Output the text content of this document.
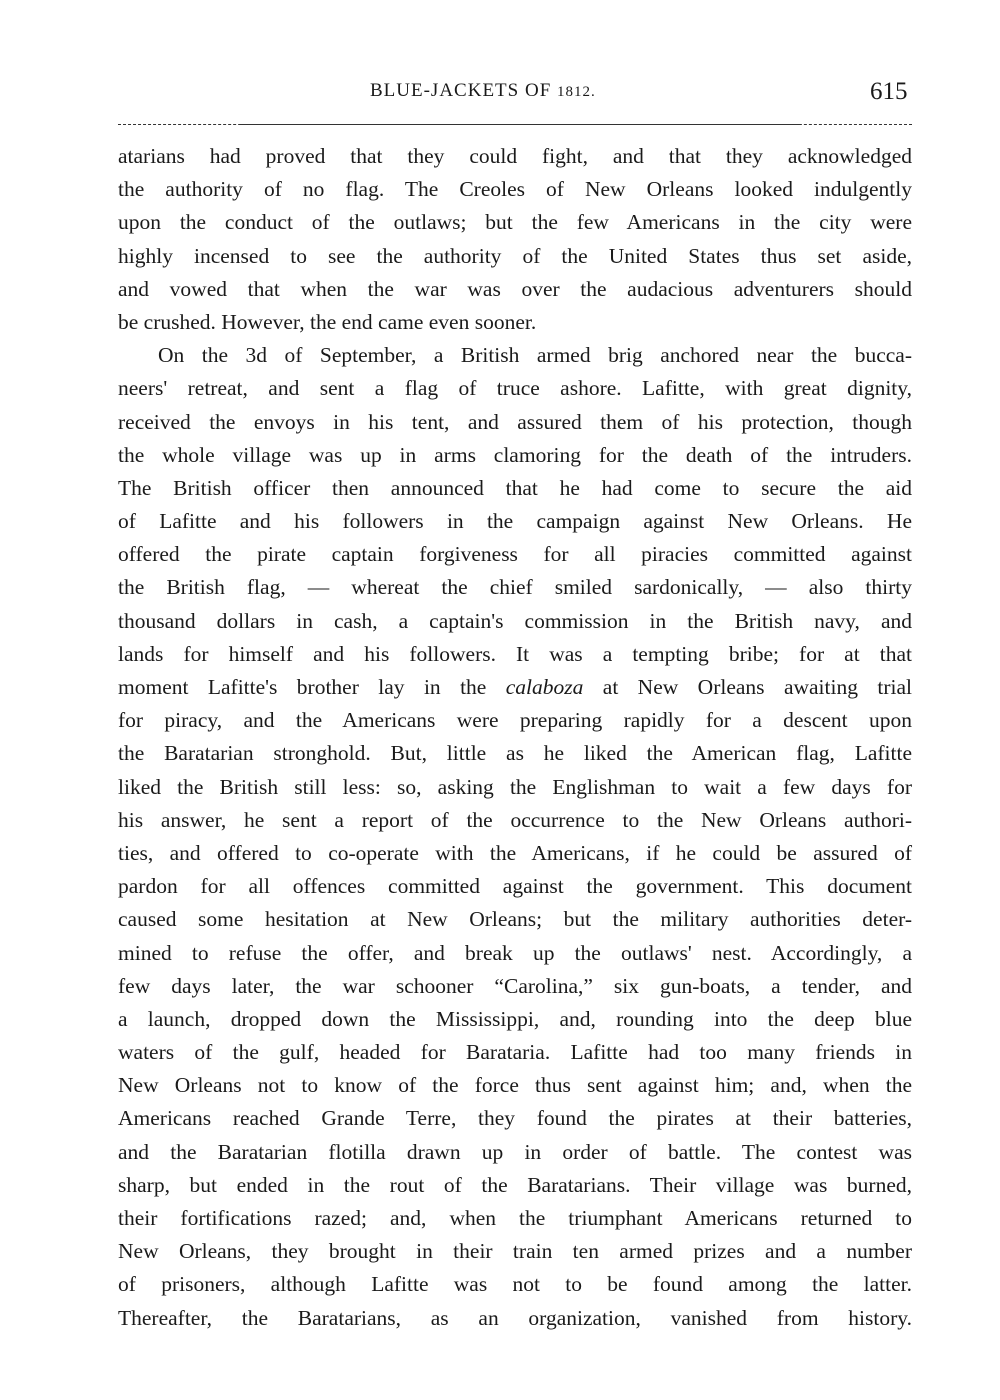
BLUE-JACKETS OF 1812.	615
atarians had proved that they could fight, and that they acknowledged
the authority of no flag. The Creoles of New Orleans looked indulgently
upon the conduct of the outlaws; but the few Americans in the city were
highly incensed to see the authority of the United States thus set aside,
and vowed that when the war was over the audacious adventurers should
be crushed. However, the end came even sooner.
On the 3d of September, a British armed brig anchored near the bucca-
neers' retreat, and sent a flag of truce ashore. Lafitte, with great dignity,
received the envoys in his tent, and assured them of his protection, though
the whole village was up in arms clamoring for the death of the intruders.
The British officer then announced that he had come to secure the aid
of Lafitte and his followers in the campaign against New Orleans. He
offered the pirate captain forgiveness for all piracies committed against
the British flag, — whereat the chief smiled sardonically, — also thirty
thousand dollars in cash, a captain's commission in the British navy, and
lands for himself and his followers. It was a tempting bribe; for at that
moment Lafitte's brother lay in the calaboza at New Orleans awaiting trial
for piracy, and the Americans were preparing rapidly for a descent upon
the Baratarian stronghold. But, little as he liked the American flag, Lafitte
liked the British still less: so, asking the Englishman to wait a few days for
his answer, he sent a report of the occurrence to the New Orleans authori-
ties, and offered to co-operate with the Americans, if he could be assured of
pardon for all offences committed against the government. This document
caused some hesitation at New Orleans; but the military authorities deter-
mined to refuse the offer, and break up the outlaws' nest. Accordingly, a
few days later, the war schooner “Carolina,” six gun-boats, a tender, and
a launch, dropped down the Mississippi, and, rounding into the deep blue
waters of the gulf, headed for Barataria. Lafitte had too many friends in
New Orleans not to know of the force thus sent against him; and, when the
Americans reached Grande Terre, they found the pirates at their batteries,
and the Baratarian flotilla drawn up in order of battle. The contest was
sharp, but ended in the rout of the Baratarians. Their village was burned,
their fortifications razed; and, when the triumphant Americans returned to
New Orleans, they brought in their train ten armed prizes and a number
of prisoners, although Lafitte was not to be found among the latter.
Thereafter, the Baratarians, as an organization, vanished from history.
